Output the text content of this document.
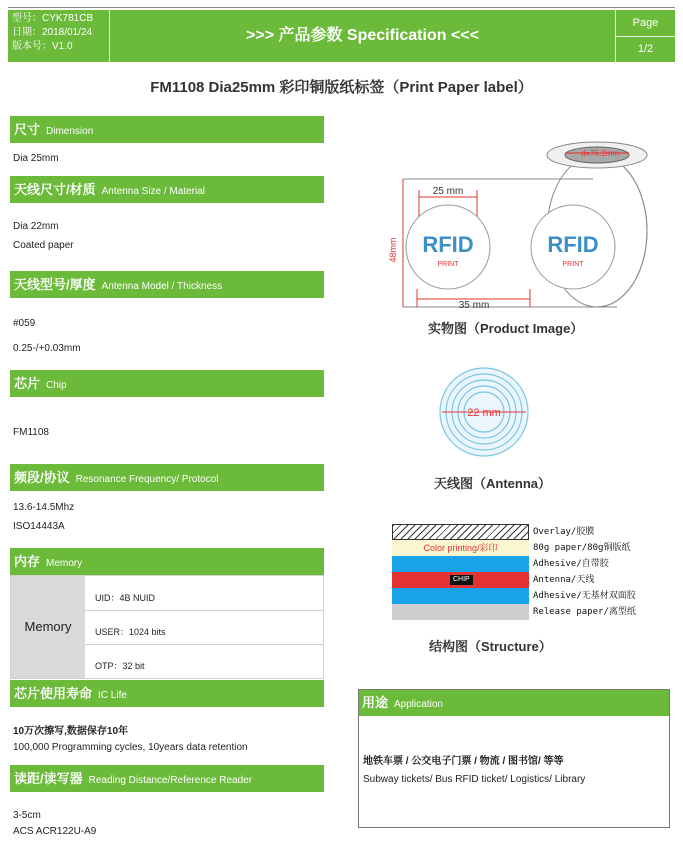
型号：CYK781CB
日期：2018/01/24
版本号：V1.0
>>> 产品参数 Specification <<<
Page
1/2
FM1108 Dia25mm 彩印铜版纸标签（Print Paper label）
尺寸 Dimension
Dia 25mm
天线尺寸/材质 Antenna Size / Material
Dia 22mm
Coated paper
天线型号/厚度 Antenna Model / Thickness
#059
0.25-/+0.03mm
芯片 Chip
FM1108
频段/协议 Resonance Frequency/ Protocol
13.6-14.5Mhz
ISO14443A
内存 Memory
Memory
UID：4B NUID
USER：1024 bits
OTP：32 bit
芯片使用寿命 IC Life
10万次擦写,数据保存10年
100,000 Programming cycles, 10years data retention
读距/读写器 Reading Distance/Reference Reader
3-5cm
ACS ACR122U-A9
d=76.2mm
48mm
25 mm
RFID
PRINT
RFID
PRINT
35 mm
实物图（Product Image）
22 mm
天线图（Antenna）
Overlay/胶膜
Color printing/彩印	80g paper/80g铜版纸
Adhesive/自带胶
CHIP	Antenna/天线
Adhesive/无基材双面胶
Release paper/离型纸
结构图（Structure）
用途 Application
地铁车票 / 公交电子门票 / 物流 / 图书馆/ 等等
Subway tickets/ Bus RFID ticket/ Logistics/ Library
